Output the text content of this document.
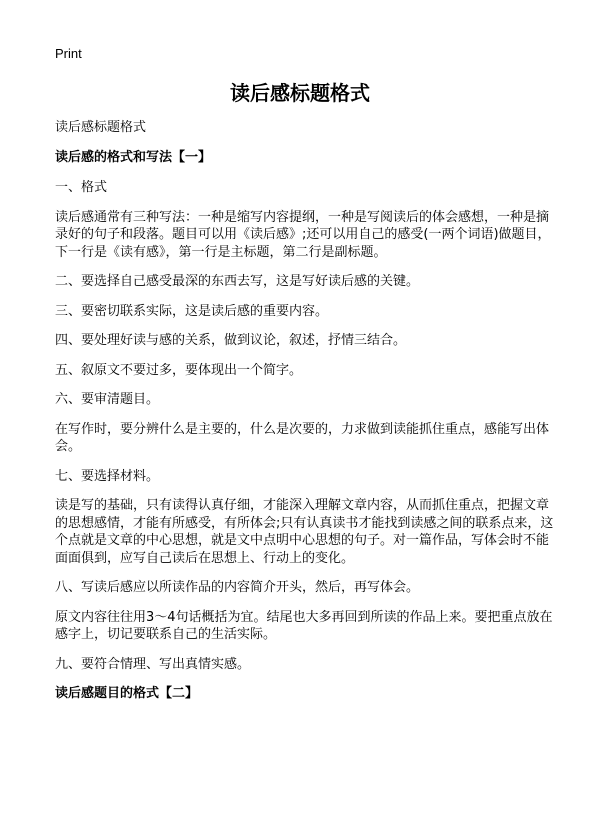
Print
读后感标题格式

读后感标题格式

读后感的格式和写法【一】

一、格式

读后感通常有三种写法：一种是缩写内容提纲，一种是写阅读后的体会感想，一种是摘录好的句子和段落。题目可以用《读后感》;还可以用自己的感受(一两个词语)做题目，下一行是《读有感》，第一行是主标题，第二行是副标题。

二、要选择自己感受最深的东西去写，这是写好读后感的关键。

三、要密切联系实际，这是读后感的重要内容。

四、要处理好读与感的关系，做到议论，叙述，抒情三结合。

五、叙原文不要过多，要体现出一个简字。

六、要审清题目。

在写作时，要分辨什么是主要的，什么是次要的，力求做到读能抓住重点，感能写出体会。

七、要选择材料。

读是写的基础，只有读得认真仔细，才能深入理解文章内容，从而抓住重点，把握文章的思想感情，才能有所感受，有所体会;只有认真读书才能找到读感之间的联系点来，这个点就是文章的中心思想，就是文中点明中心思想的句子。对一篇作品，写体会时不能面面俱到，应写自己读后在思想上、行动上的变化。

八、写读后感应以所读作品的内容简介开头，然后，再写体会。

原文内容往往用3～4句话概括为宜。结尾也大多再回到所读的作品上来。要把重点放在感字上，切记要联系自己的生活实际。

九、要符合情理、写出真情实感。

读后感题目的格式【二】
